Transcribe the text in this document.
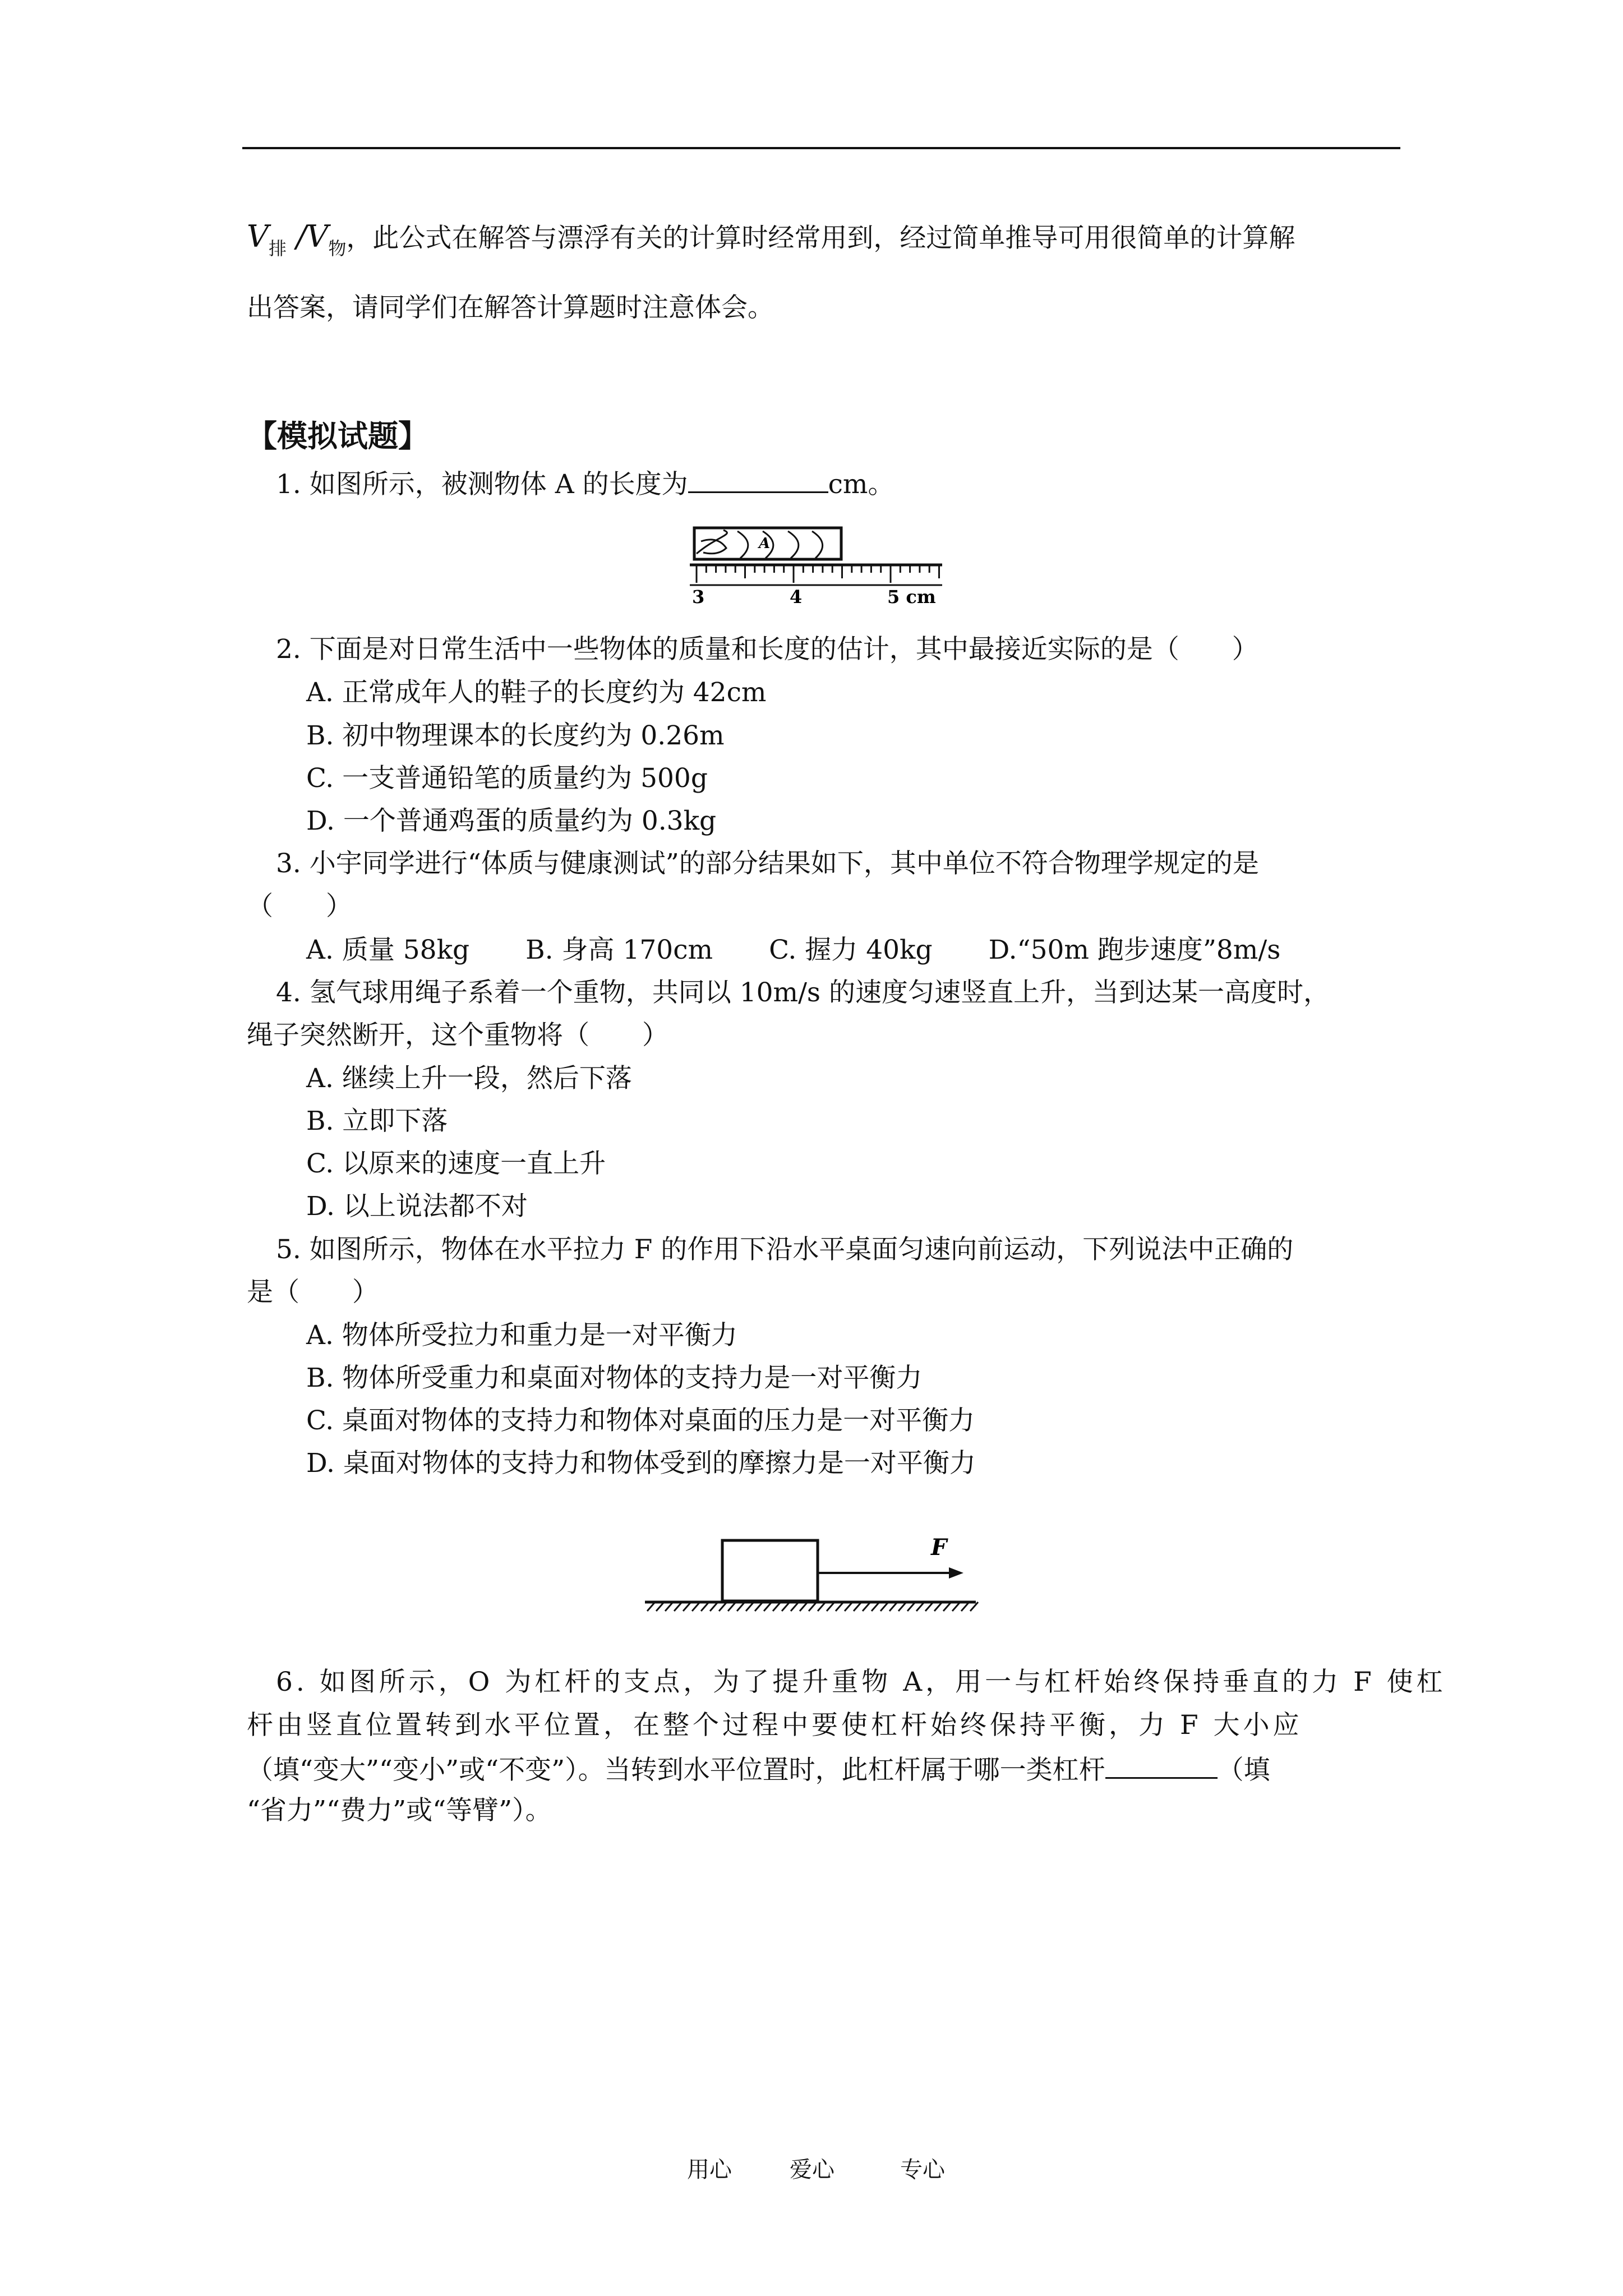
$V_排$ $/V_物$，此公式在解答与漂浮有关的计算时经常用到，经过简单推导可用很简单的计算解

出答案，请同学们在解答计算题时注意体会。

【模拟试题】

1. 如图所示，被测物体 A 的长度为	cm。

A
3	4	5 cm

2. 下面是对日常生活中一些物体的质量和长度的估计，其中最接近实际的是（　　）

A. 正常成年人的鞋子的长度约为 42cm

B. 初中物理课本的长度约为 0.26m

C. 一支普通铅笔的质量约为 500g

D. 一个普通鸡蛋的质量约为 0.3kg

3. 小宇同学进行“体质与健康测试”的部分结果如下，其中单位不符合物理学规定的是

（　　）

A. 质量 58kg B. 身高 170cm C. 握力 40kg D.“50m 跑步速度”8m/s

4. 氢气球用绳子系着一个重物，共同以 10m/s 的速度匀速竖直上升，当到达某一高度时，

绳子突然断开，这个重物将（　　）

A. 继续上升一段，然后下落

B. 立即下落

C. 以原来的速度一直上升

D. 以上说法都不对

5. 如图所示，物体在水平拉力 F 的作用下沿水平桌面匀速向前运动，下列说法中正确的

是（　　）

A. 物体所受拉力和重力是一对平衡力

B. 物体所受重力和桌面对物体的支持力是一对平衡力

C. 桌面对物体的支持力和物体对桌面的压力是一对平衡力

D. 桌面对物体的支持力和物体受到的摩擦力是一对平衡力

F

6. 如图所示，O 为杠杆的支点，为了提升重物 A，用一与杠杆始终保持垂直的力 F 使杠

杆由竖直位置转到水平位置，在整个过程中要使杠杆始终保持平衡，力 F 大小应

（填“变大”“变小”或“不变”）。当转到水平位置时，此杠杆属于哪一类杠杆	（填

“省力”“费力”或“等臂”）。

用心	爱心	专心
